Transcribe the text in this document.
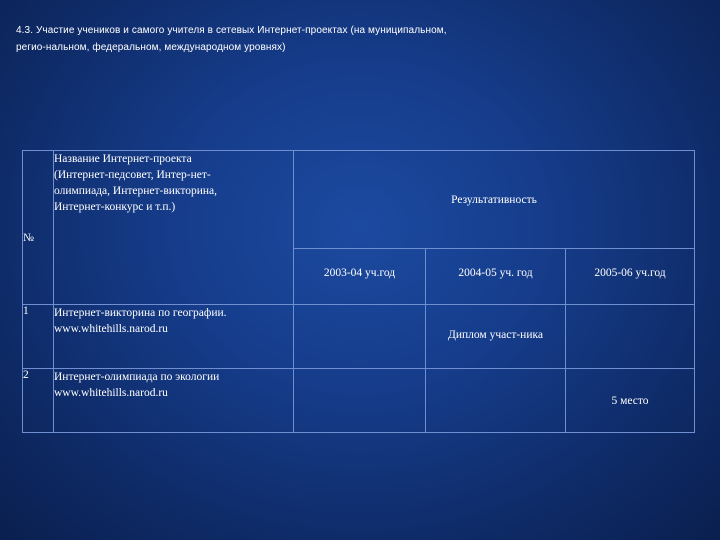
4.3. Участие учеников и самого учителя в сетевых Интернет-проектах (на муниципальном,
регио-нальном, федеральном, международном уровнях)
№	Название Интернет-проекта
(Интернет-педсовет, Интер-нет-
олимпиада, Интернет-викторина,
Интернет-конкурс и т.п.)	Результативность		
		2003-04 уч.год	2004-05 уч. год	2005-06 уч.год
1	Интернет-викторина по географии.
www.whitehills.narod.ru		Диплом участ-ника	
2	Интернет-олимпиада по экологии
www.whitehills.narod.ru			5 место
